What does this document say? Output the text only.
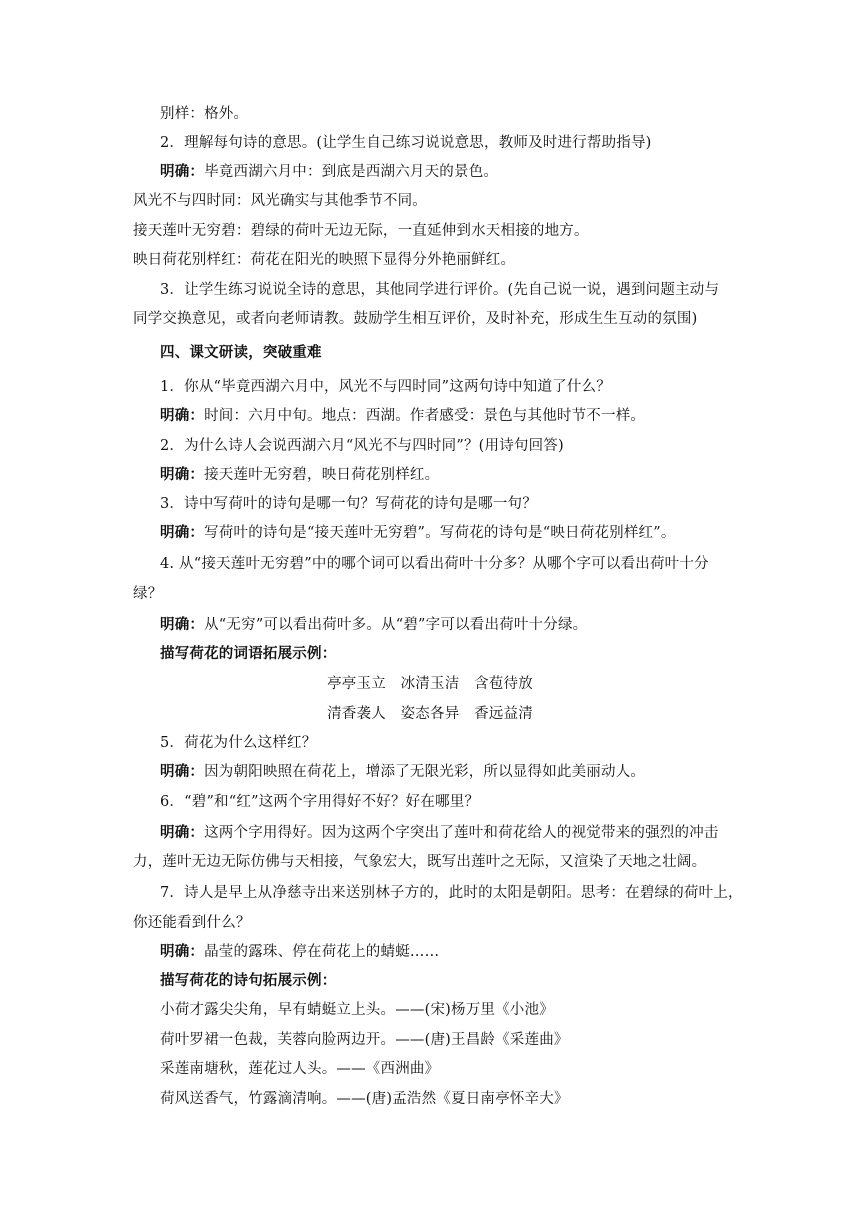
别样：格外。
2．理解每句诗的意思。(让学生自己练习说说意思，教师及时进行帮助指导)
明确：毕竟西湖六月中：到底是西湖六月天的景色。
风光不与四时同：风光确实与其他季节不同。
接天莲叶无穷碧：碧绿的荷叶无边无际，一直延伸到水天相接的地方。
映日荷花别样红：荷花在阳光的映照下显得分外艳丽鲜红。
3．让学生练习说说全诗的意思，其他同学进行评价。(先自己说一说，遇到问题主动与
同学交换意见，或者向老师请教。鼓励学生相互评价，及时补充，形成生生互动的氛围)
四、课文研读，突破重难
1．你从“毕竟西湖六月中，风光不与四时同”这两句诗中知道了什么？
明确：时间：六月中旬。地点：西湖。作者感受：景色与其他时节不一样。
2．为什么诗人会说西湖六月“风光不与四时同”？(用诗句回答)
明确：接天莲叶无穷碧，映日荷花别样红。
3．诗中写荷叶的诗句是哪一句？写荷花的诗句是哪一句？
明确：写荷叶的诗句是“接天莲叶无穷碧”。写荷花的诗句是“映日荷花别样红”。
4. 从“接天莲叶无穷碧”中的哪个词可以看出荷叶十分多？从哪个字可以看出荷叶十分
绿？
明确：从“无穷”可以看出荷叶多。从“碧”字可以看出荷叶十分绿。
描写荷花的词语拓展示例：
亭亭玉立　冰清玉洁　含苞待放
清香袭人　姿态各异　香远益清
5．荷花为什么这样红？
明确：因为朝阳映照在荷花上，增添了无限光彩，所以显得如此美丽动人。
6．“碧”和“红”这两个字用得好不好？好在哪里？
明确：这两个字用得好。因为这两个字突出了莲叶和荷花给人的视觉带来的强烈的冲击
力，莲叶无边无际仿佛与天相接，气象宏大，既写出莲叶之无际，又渲染了天地之壮阔。
7．诗人是早上从净慈寺出来送别林子方的，此时的太阳是朝阳。思考：在碧绿的荷叶上，
你还能看到什么？
明确：晶莹的露珠、停在荷花上的蜻蜓……
描写荷花的诗句拓展示例：
小荷才露尖尖角，早有蜻蜓立上头。——(宋)杨万里《小池》
荷叶罗裙一色裁，芙蓉向脸两边开。——(唐)王昌龄《采莲曲》
采莲南塘秋，莲花过人头。——《西洲曲》
荷风送香气，竹露滴清响。——(唐)孟浩然《夏日南亭怀辛大》
